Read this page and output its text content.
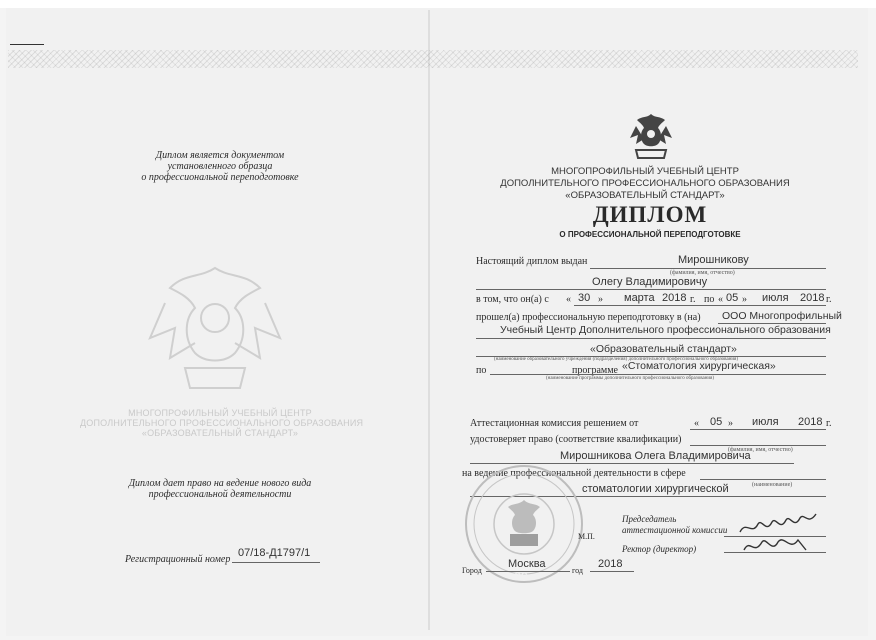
Диплом является документом
установленного образца
о профессиональной переподготовке
МНОГОПРОФИЛЬНЫЙ УЧЕБНЫЙ ЦЕНТР
ДОПОЛНИТЕЛЬНОГО ПРОФЕССИОНАЛЬНОГО ОБРАЗОВАНИЯ
«ОБРАЗОВАТЕЛЬНЫЙ СТАНДАРТ»
Диплом дает право на ведение нового вида
профессиональной деятельности
Регистрационный номер
07/18-Д1797/1
МНОГОПРОФИЛЬНЫЙ УЧЕБНЫЙ ЦЕНТР
ДОПОЛНИТЕЛЬНОГО ПРОФЕССИОНАЛЬНОГО ОБРАЗОВАНИЯ
«ОБРАЗОВАТЕЛЬНЫЙ СТАНДАРТ»
ДИПЛОМ
О ПРОФЕССИОНАЛЬНОЙ ПЕРЕПОДГОТОВКЕ
Настоящий диплом выдан	Мирошникову
(фамилия, имя, отчество)
Олегу Владимировичу
в том, что он(а) с « 30 » марта 2018 г. по « 05 » июля 2018 г.
прошел(а) профессиональную переподготовку в (на) ООО Многопрофильный
Учебный Центр Дополнительного профессионального образования
«Образовательный стандарт»
(наименование образовательного учреждения (подразделения) дополнительного профессионального образования)
по	программе «Стоматология хирургическая»
(наименование программы дополнительного профессионального образования)
Аттестационная комиссия решением от	« 05 » июля 2018 г.
удостоверяет право (соответствие квалификации)
(фамилия, имя, отчество)
Мирошникова Олега Владимировича
на ведение профессиональной деятельности в сфере
(наименование)
стоматологии хирургической
ОС
М.П.
Председатель
аттестационной комиссии
Ректор (директор)
Город
Москва
год
2018
